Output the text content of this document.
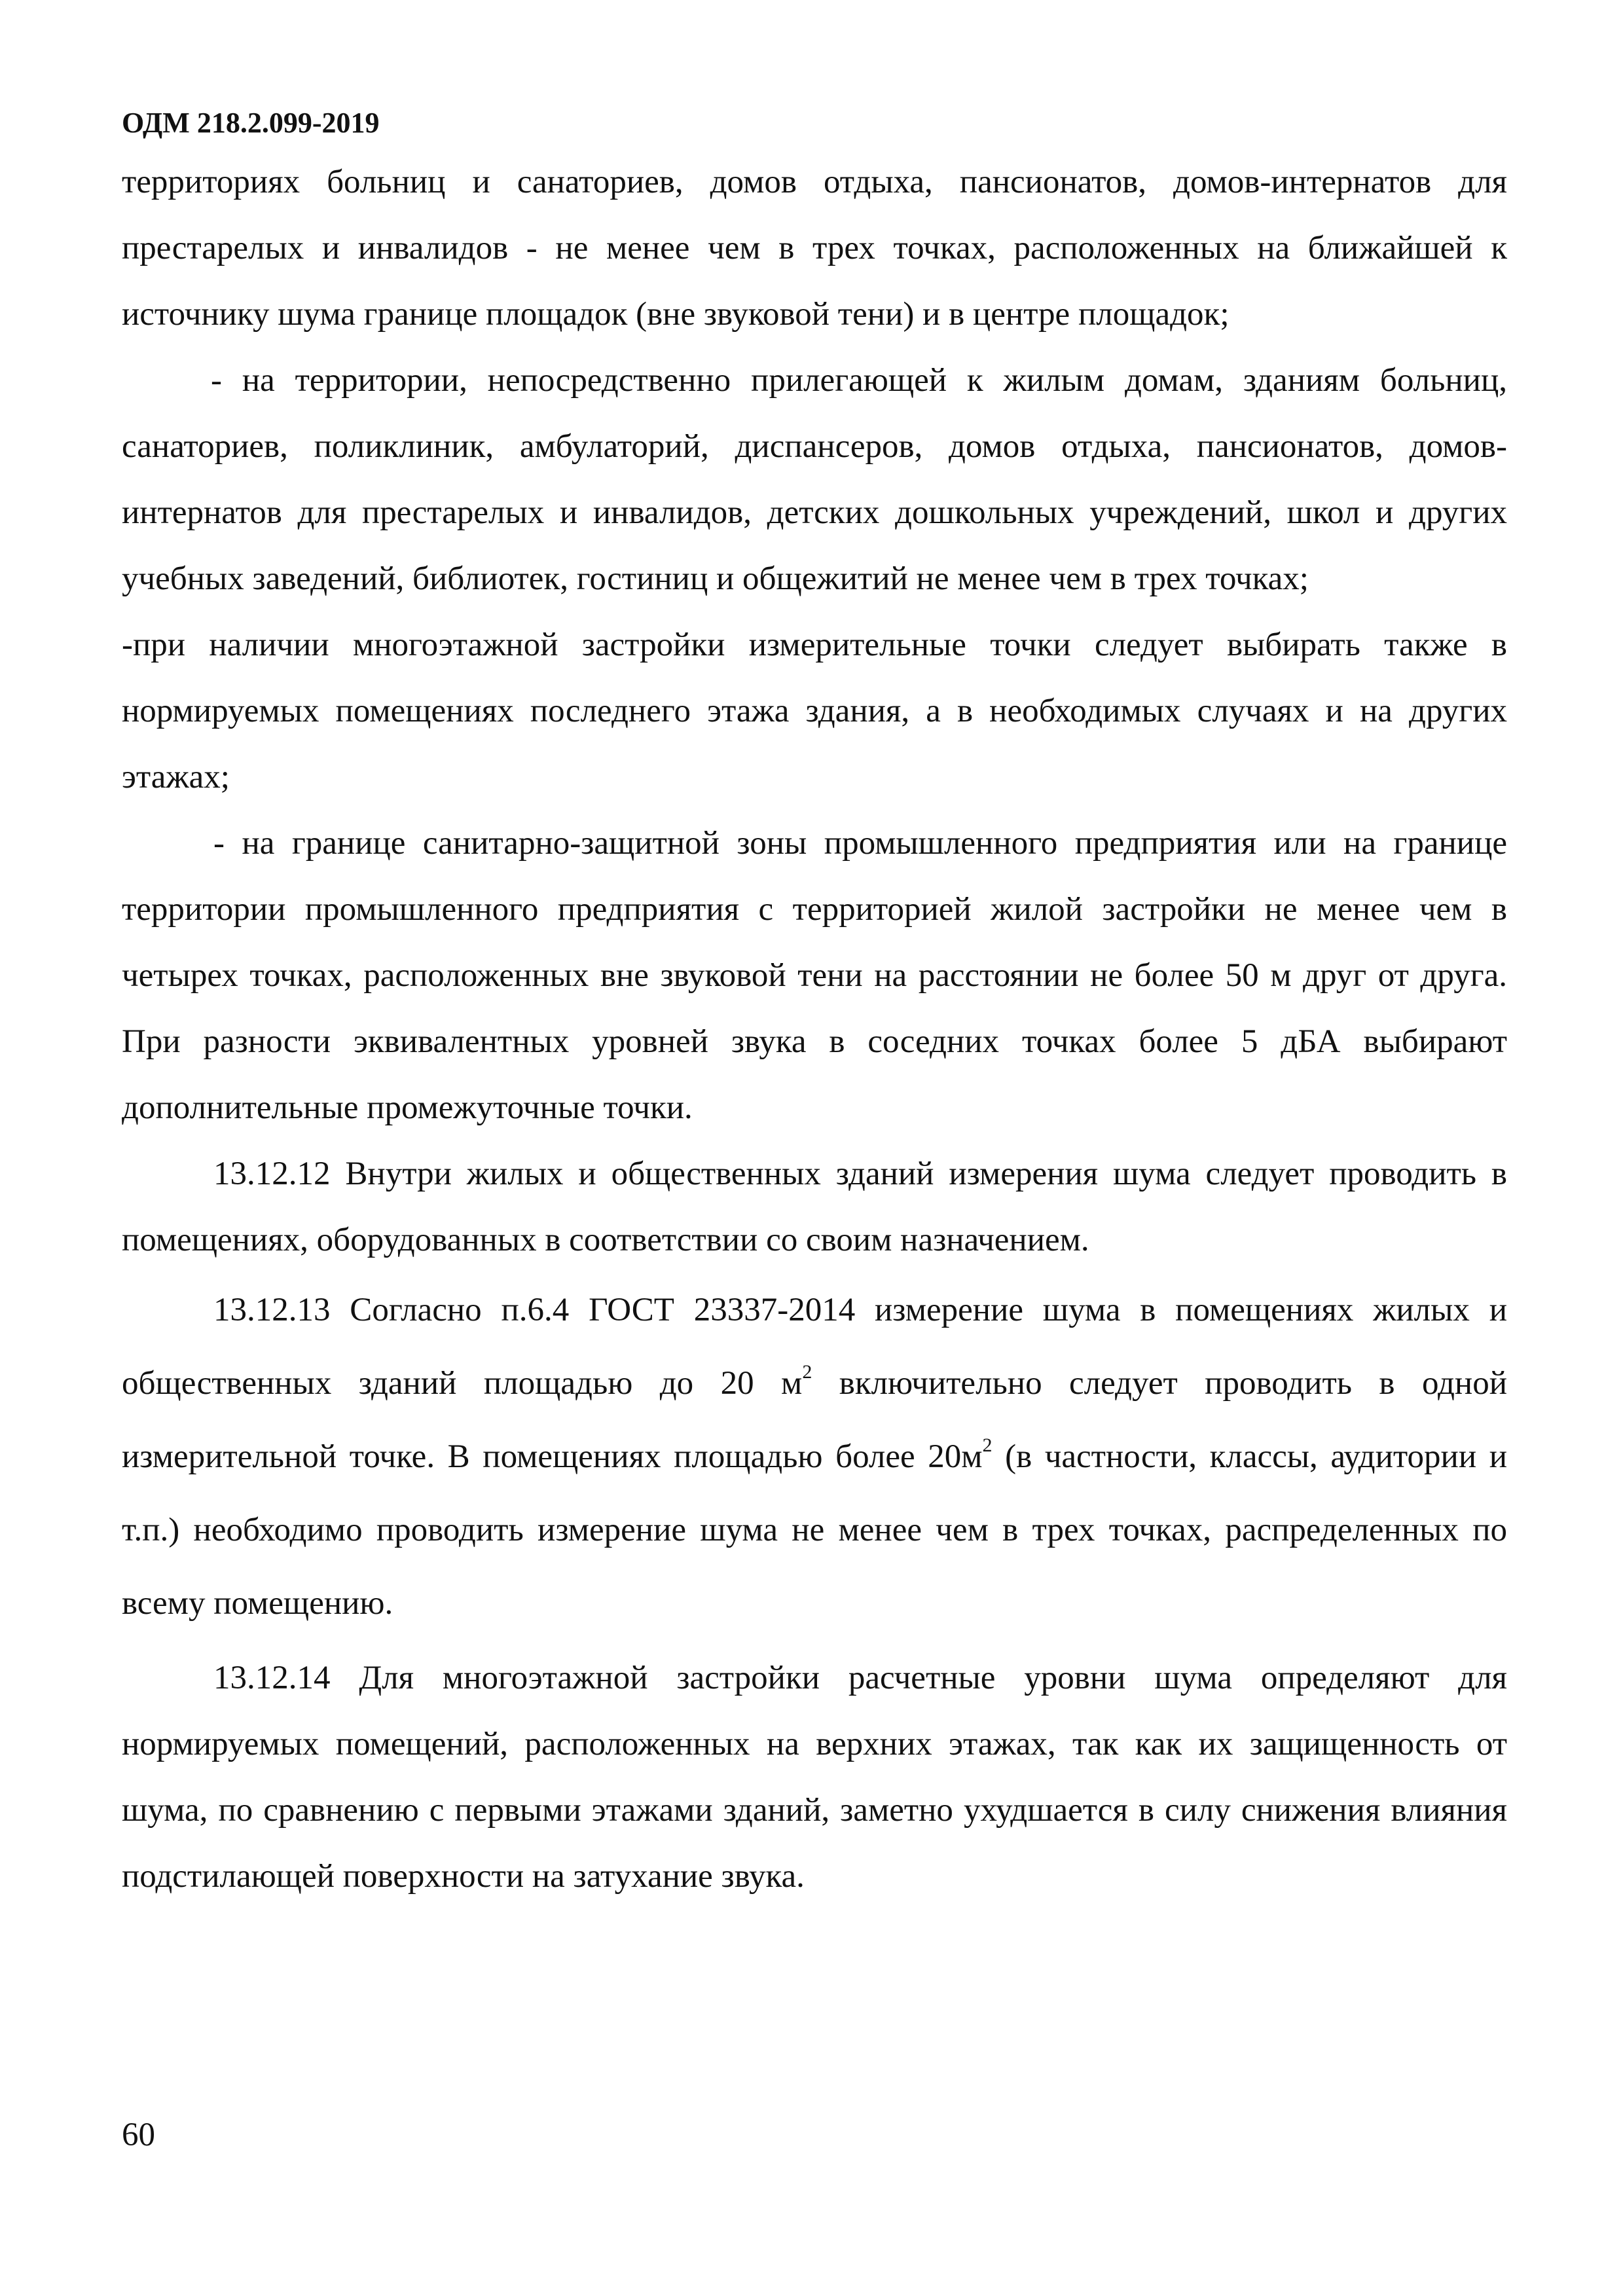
ОДМ 218.2.099-2019

территориях больниц и санаториев, домов отдыха, пансионатов, домов-интернатов для престарелых и инвалидов - не менее чем в трех точках, расположенных на ближайшей к источнику шума границе площадок (вне звуковой тени) и в центре площадок;

- на территории, непосредственно прилегающей к жилым домам, зданиям больниц, санаториев, поликлиник, амбулаторий, диспансеров, домов отдыха, пансионатов, домов-интернатов для престарелых и инвалидов, детских дошкольных учреждений, школ и других учебных заведений, библиотек, гостиниц и общежитий не менее чем в трех точках;

-при наличии многоэтажной застройки измерительные точки следует выбирать также в нормируемых помещениях последнего этажа здания, а в необходимых случаях и на других этажах;

- на границе санитарно-защитной зоны промышленного предприятия или на границе территории промышленного предприятия с территорией жилой застройки не менее чем в четырех точках, расположенных вне звуковой тени на расстоянии не более 50 м друг от друга. При разности эквивалентных уровней звука в соседних точках более 5 дБА выбирают дополнительные промежуточные точки.

13.12.12 Внутри жилых и общественных зданий измерения шума следует проводить в помещениях, оборудованных в соответствии со своим назначением.

13.12.13 Согласно п.6.4 ГОСТ 23337-2014 измерение шума в помещениях жилых и общественных зданий площадью до 20 $м^2$ включительно следует проводить в одной измерительной точке. В помещениях площадью более $20м^2$ (в частности, классы, аудитории и т.п.) необходимо проводить измерение шума не менее чем в трех точках, распределенных по всему помещению.

13.12.14 Для многоэтажной застройки расчетные уровни шума определяют для нормируемых помещений, расположенных на верхних этажах, так как их защищенность от шума, по сравнению с первыми этажами зданий, заметно ухудшается в силу снижения влияния подстилающей поверхности на затухание звука.

60
